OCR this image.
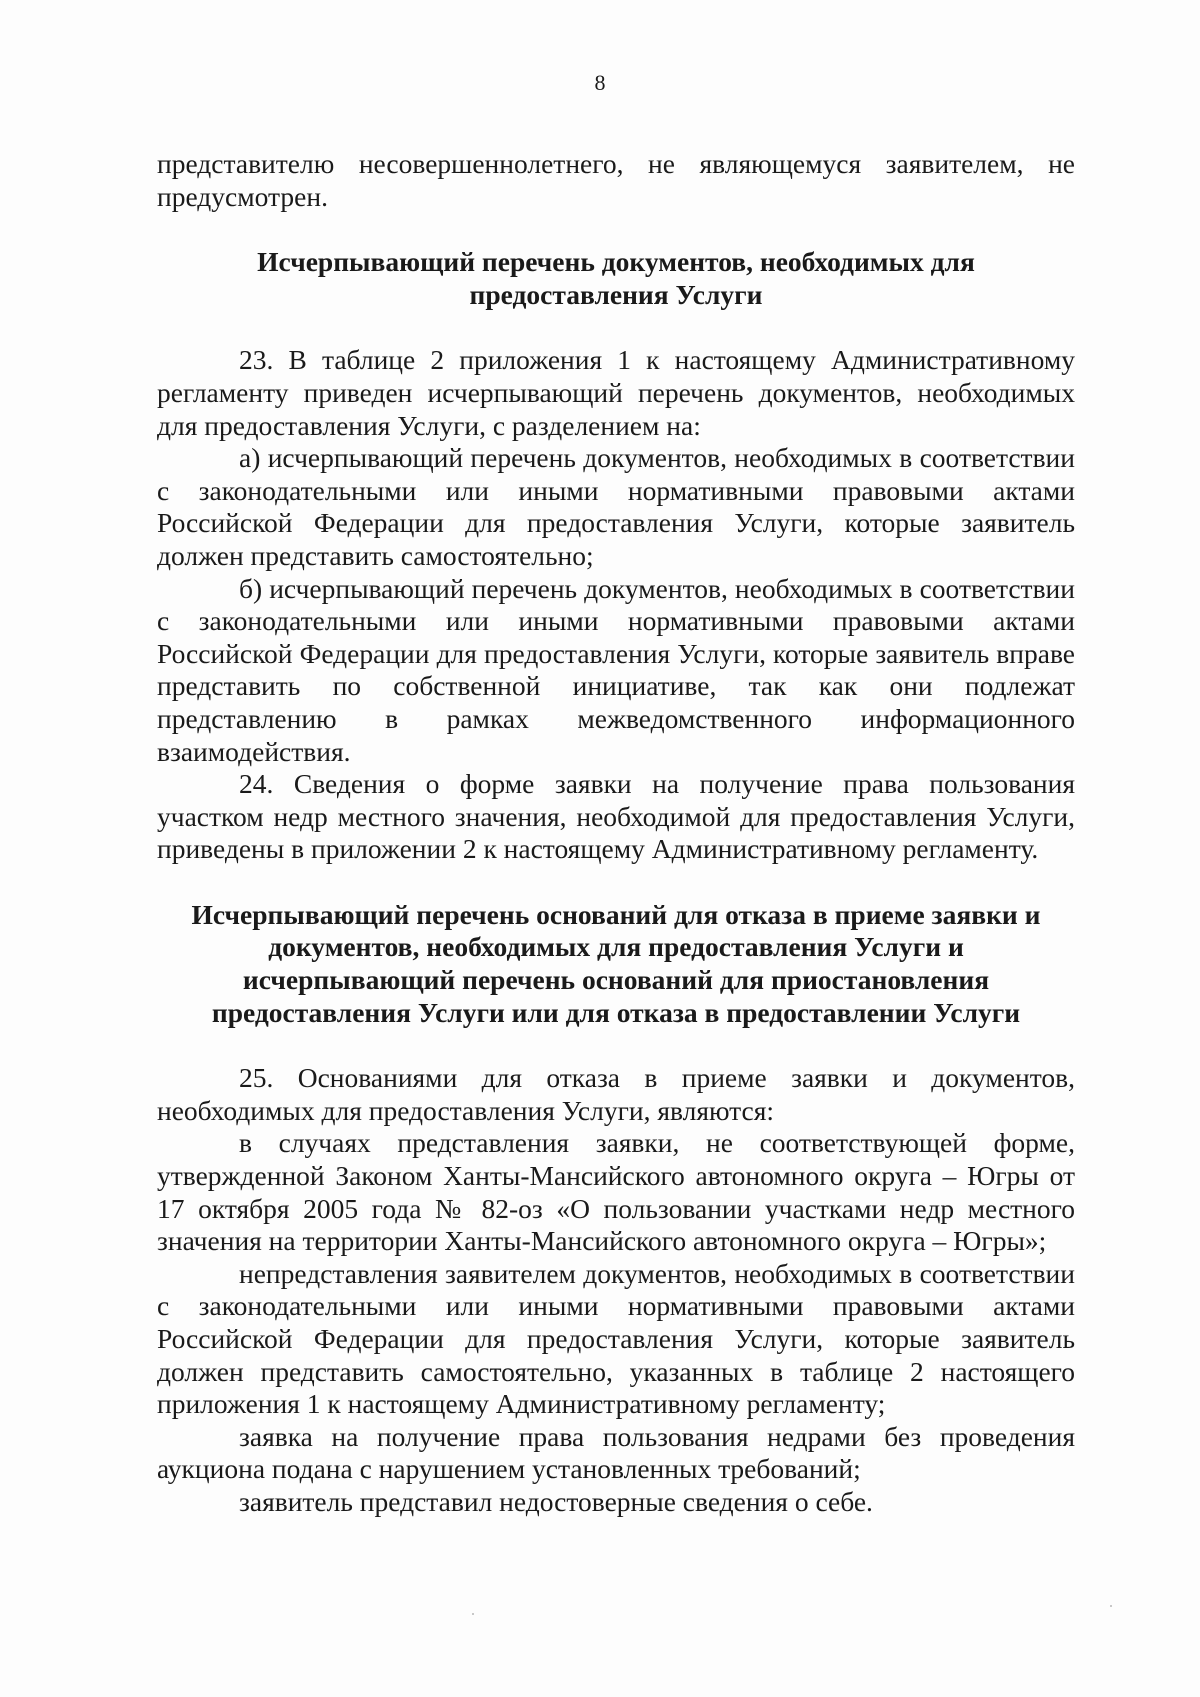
8

представителю несовершеннолетнего, не являющемуся заявителем, не предусмотрен.

Исчерпывающий перечень документов, необходимых для предоставления Услуги

23. В таблице 2 приложения 1 к настоящему Административному регламенту приведен исчерпывающий перечень документов, необходимых для предоставления Услуги, с разделением на:

а) исчерпывающий перечень документов, необходимых в соответствии с законодательными или иными нормативными правовыми актами Российской Федерации для предоставления Услуги, которые заявитель должен представить самостоятельно;

б) исчерпывающий перечень документов, необходимых в соответствии с законодательными или иными нормативными правовыми актами Российской Федерации для предоставления Услуги, которые заявитель вправе представить по собственной инициативе, так как они подлежат представлению в рамках межведомственного информационного взаимодействия.

24. Сведения о форме заявки на получение права пользования участком недр местного значения, необходимой для предоставления Услуги, приведены в приложении 2 к настоящему Административному регламенту.

Исчерпывающий перечень оснований для отказа в приеме заявки и документов, необходимых для предоставления Услуги и исчерпывающий перечень оснований для приостановления предоставления Услуги или для отказа в предоставлении Услуги

25. Основаниями для отказа в приеме заявки и документов, необходимых для предоставления Услуги, являются:

в случаях представления заявки, не соответствующей форме, утвержденной Законом Ханты-Мансийского автономного округа – Югры от 17 октября 2005 года № 82-оз «О пользовании участками недр местного значения на территории Ханты-Мансийского автономного округа – Югры»;

непредставления заявителем документов, необходимых в соответствии с законодательными или иными нормативными правовыми актами Российской Федерации для предоставления Услуги, которые заявитель должен представить самостоятельно, указанных в таблице 2 настоящего приложения 1 к настоящему Административному регламенту;

заявка на получение права пользования недрами без проведения аукциона подана с нарушением установленных требований;

заявитель представил недостоверные сведения о себе.
